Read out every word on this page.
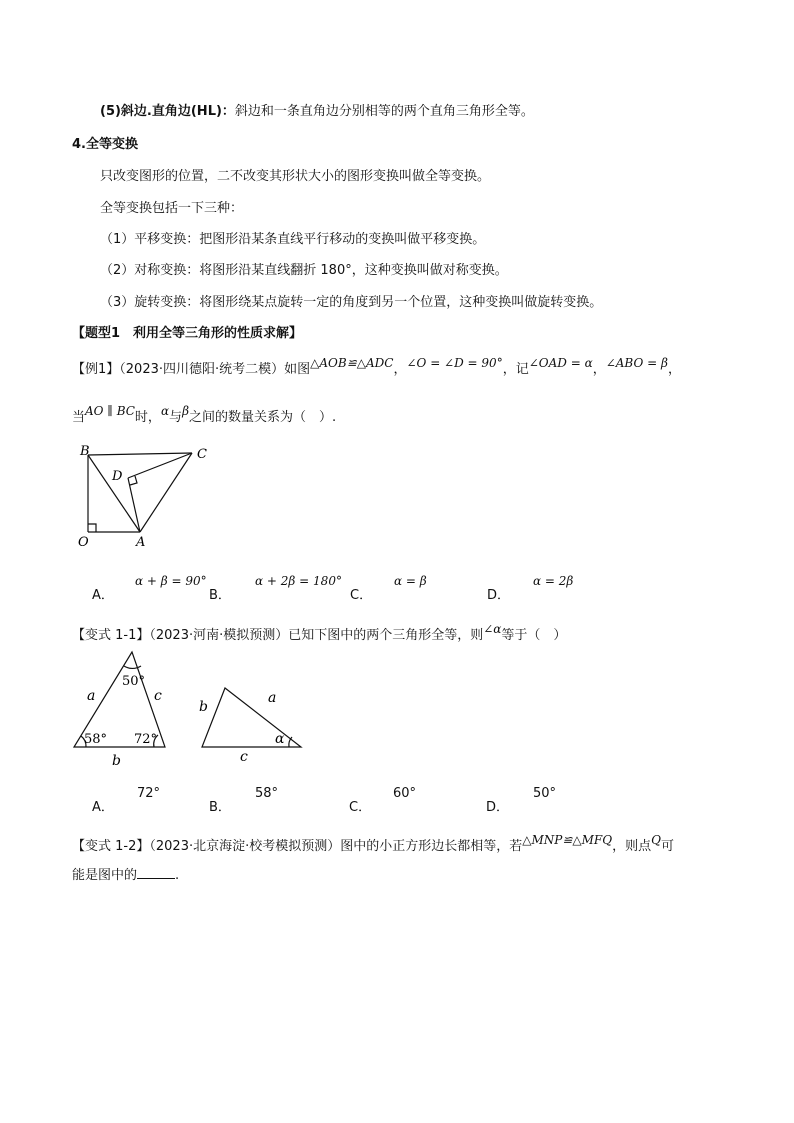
(5)斜边.直角边(HL)：斜边和一条直角边分别相等的两个直角三角形全等。
4.全等变换
只改变图形的位置，二不改变其形状大小的图形变换叫做全等变换。
全等变换包括一下三种：
（1）平移变换：把图形沿某条直线平行移动的变换叫做平移变换。
（2）对称变换：将图形沿某直线翻折 180°，这种变换叫做对称变换。
（3）旋转变换：将图形绕某点旋转一定的角度到另一个位置，这种变换叫做旋转变换。
【题型1　利用全等三角形的性质求解】
【例1】（2023·四川德阳·统考二模）如图△AOB≌△ADC，∠O = ∠D = 90°，记∠OAD = α，∠ABO = β，
当AO ∥ BC时，α与β之间的数量关系为（　）.
B	C
D
O	A
A．
α + β = 90°
B．
α + 2β = 180°
C．
α = β
D．
α = 2β
【变式 1-1】（2023·河南·模拟预测）已知下图中的两个三角形全等，则∠α等于（　）
50°
58° 72°
a	c
b
b
a
c
α
A．
72°
B．
58°
C．
60°
D．
50°
【变式 1-2】（2023·北京海淀·校考模拟预测）图中的小正方形边长都相等，若△MNP≌△MFQ，则点Q可
能是图中的	.
